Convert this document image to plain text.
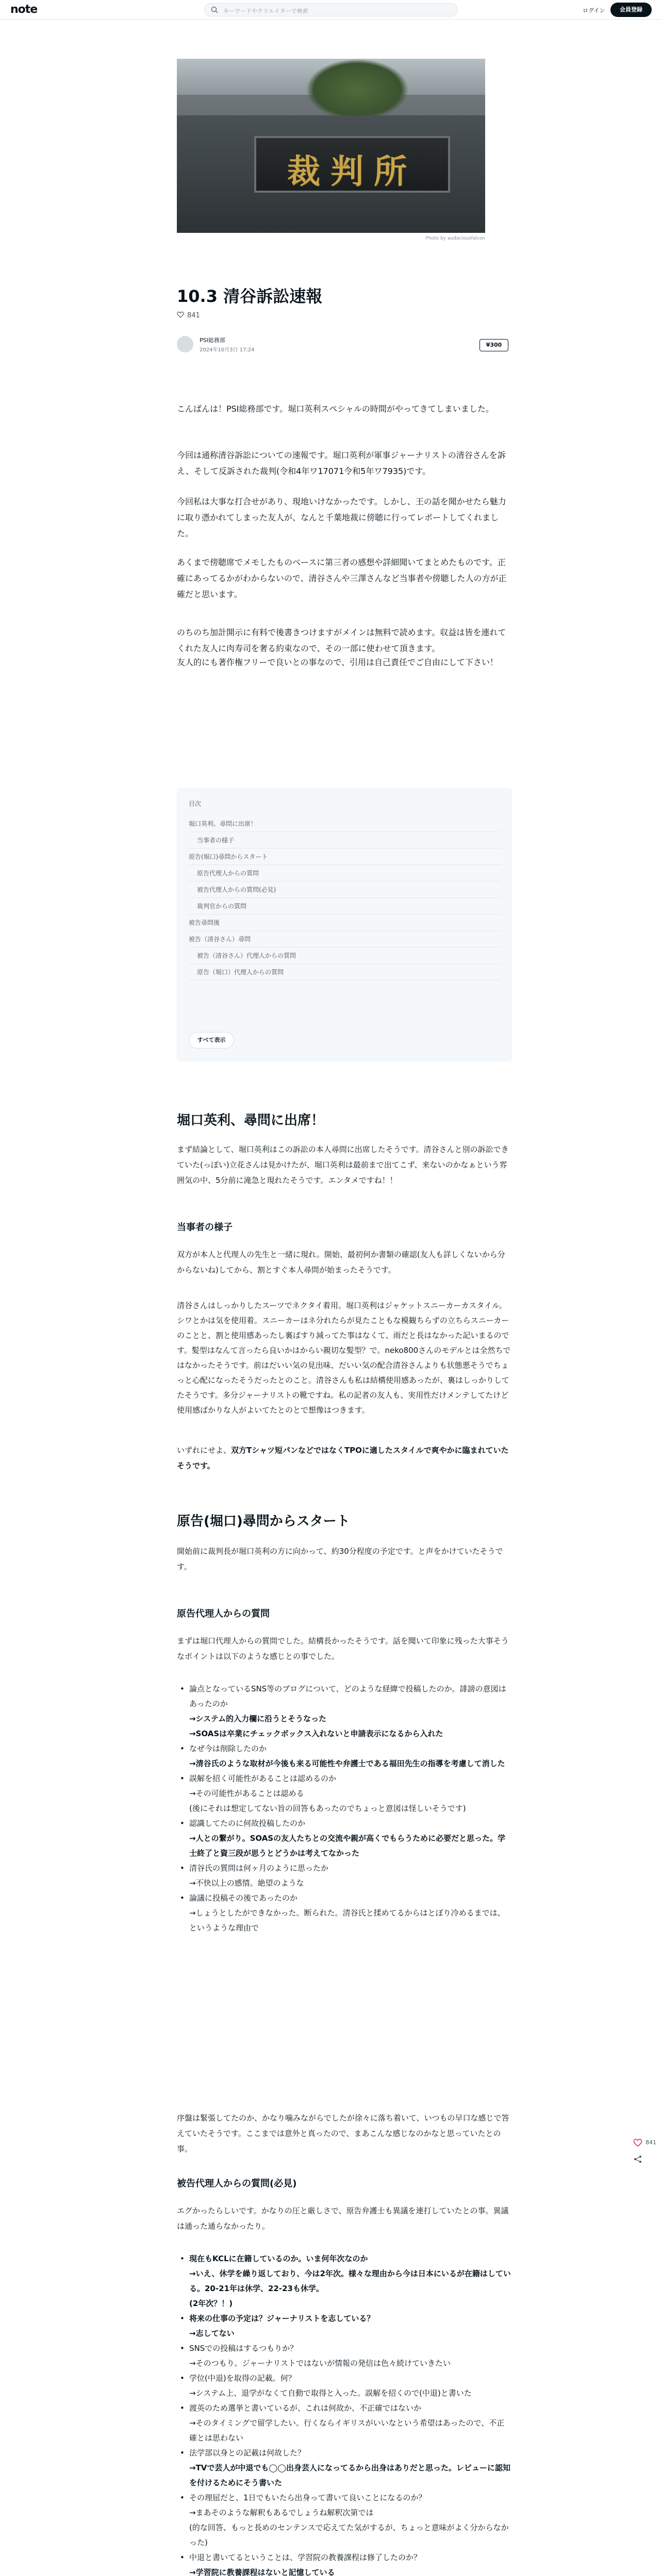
note	キーワードやクリエイターで検索	ログイン	会員登録
裁判所
Photo by audaciousfalcon
10.3 清谷訴訟速報
841
PSI総務部
2024年10月3日 17:24
¥300

こんばんは！PSI総務部です。堀口英利スペシャルの時間がやってきてしまいました。

今回は通称清谷訴訟についての速報です。堀口英利が軍事ジャーナリストの清谷さんを訴え、そして反訴された裁判(令和4年ワ17071令和5年ワ7935)です。

今回私は大事な打合せがあり、現地いけなかったです。しかし、王の話を聞かせたら魅力に取り憑かれてしまった友人が、なんと千葉地裁に傍聴に行ってレポートしてくれました。

あくまで傍聴席でメモしたものベースに第三者の感想や詳細聞いてまとめたものです。正確にあってるかがわからないので、清谷さんや三澤さんなど当事者や傍聴した人の方が正確だと思います。

のちのち加計開示に有料で後書きつけますがメインは無料で読めます。収益は皆を連れてくれた友人に肉寿司を奢る約束なので、その一部に使わせて頂きます。

友人的にも著作権フリーで良いとの事なので、引用は自己責任でご自由にして下さい！

目次
堀口英利、尋問に出席！
当事者の様子
原告(堀口)尋問からスタート
原告代理人からの質問
被告代理人からの質問(必見)
裁判官からの質問
被告尋問後
被告（清谷さん）尋問
被告（清谷さん）代理人からの質問
原告（堀口）代理人からの質問
すべて表示
堀口英利、尋問に出席！

まず結論として、堀口英利はこの訴訟の本人尋問に出席したそうです。清谷さんと別の訴訟できていた(っぽい)立花さんは見かけたが、堀口英利は最前まで出てこず、来ないのかなぁという雰囲気の中、5分前に滝急と現れたそうです。エンタメですね！！

当事者の様子

双方が本人と代理人の先生と一緒に現れ。開始、最初何か書類の確認(友人も詳しくないから分からないね)してから、割とすぐ本人尋問が始まったそうです。

清谷さんはしっかりしたスーツでネクタイ着用。堀口英利はジャケットスニーカーカスタイル。シワとかは気を使用着。スニーカーはネ分れたらが見たこともな模観ちらずの立ちらスニーカーのことと、割と使用感あったし裏ばすり減ってた事はなくて、雨だと長はなかった記いまるのです。髪型はなんて言ったら良いかはからい親切な髪型？で。neko800さんのモデルとは全然ちではなかったそうです。前はだいい気の見出味、だいい気の配合清谷さんよりも状態悪そうでちょっと心配になったそうだったとのこと。清谷さんも私は結構使用感あったが、裏はしっかりしてたそうです。多分ジャーナリストの靴ですね。私の記者の友人も、実用性だけメンテしてたけど使用感ばかりな人がよいてたとのとで想像はつきます。

いずれにせよ、双方Tシャツ短パンなどではなくTPOに適したスタイルで爽やかに臨まれていたそうです。

原告(堀口)尋問からスタート

開始前に裁判長が堀口英利の方に向かって、約30分程度の予定です。と声をかけていたそうです。

原告代理人からの質問

まずは堀口代理人からの質問でした。結構長かったそうです。話を聞いて印象に残った大事そうなポイントは以下のような感じとの事でした。

• 論点となっているSNS等のブログについて、どのような経緯で投稿したのか。誹謗の意図はあったのか
→システム的入力欄に沿うとそうなった
→SOASは卒業にチェックボックス入れないと申請表示になるから入れた
• なぜ今は削除したのか
→清谷氏のような取材が今後も来る可能性や弁護士である福田先生の指導を考慮して消した
• 誤解を招く可能性があることは認めるのか
→その可能性があることは認める
(後にそれは想定してない旨の回答もあったのでちょっと意図は怪しいそうです)
• 認識してたのに何故投稿したのか
→人との繋がり。SOASの友人たちとの交流や親が高くでもらうために必要だと思った。学士終了と資三段が思うとどうかは考えてなかった
• 清谷氏の質問は何ヶ月のように思ったか
→不快以上の感情。絶望のような
• 論議に投稿その後であったのか
→しょうとしたができなかった。断られた。清谷氏と揉めてるからはとぼり冷めるまでは、というような理由で

序盤は緊張してたのか、かなり噛みながらでしたが徐々に落ち着いて、いつもの早口な感じで答えていたそうです。ここまでは意外と真ったので、まあこんな感じなのかなと思っていたとの事。

被告代理人からの質問(必見)

エグかったらしいです。かなりの圧と厳しさで、原告弁護士も異議を連打していたとの事。異議は通った通らなかったり。

• 現在もKCLに在籍しているのか。いま何年次なのか
→いえ、休学を繰り返しており、今は2年次。様々な理由から今は日本にいるが在籍はしている。20-21年は休学、22-23も休学。
(2年次？！)
• 将来の仕事の予定は？ジャーナリストを志している？
→志してない
• SNSでの投稿はするつもりか？
→そのつもり。ジャーナリストではないが情報の発信は色々続けていきたい
• 学位(中退)を取得の記載。何？
→システム上、退学がなくて自動で取得と入った。誤解を招くので(中退)と書いた
• 渡英のため選挙と書いているが、これは何故か、不正確ではないか
→そのタイミングで留学したい。行くならイギリスがいいなという希望はあったので、不正確とは思わない
• 法学部以身との記載は何故した？
→TVで芸人が中退でも◯◯出身芸人になってるから出身はありだと思った。レビューに認知を付けるためにそう書いた
• その理屈だと、1日でもいたら出身って書いて良いことになるのか？
→まあそのような解釈もあるでしょうね解釈次第では
(的な回答、もっと長めのセンテンスで応えてた気がするが、ちょっと意味がよく分からなかった)
• 中退と書いてるということは、学習院の教養課程は修了したのか？
→学習院に教養課程はないと記憶している

841
